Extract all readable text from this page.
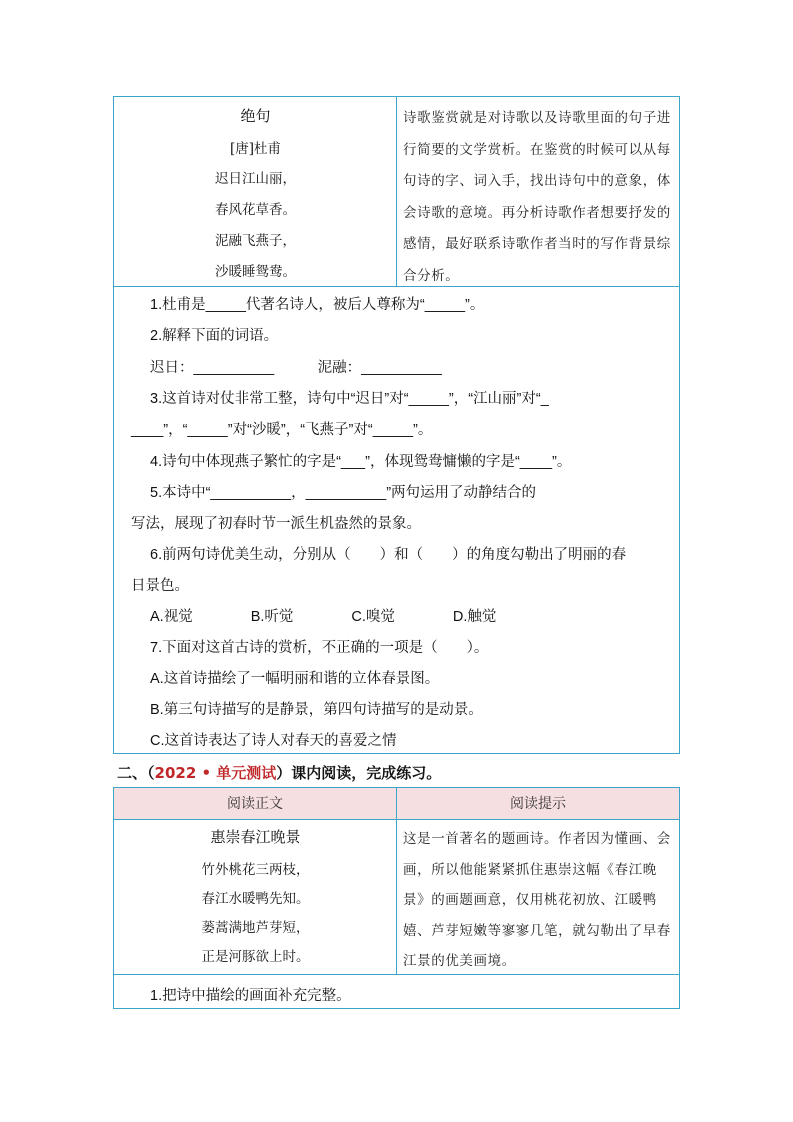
绝句
[唐]杜甫
迟日江山丽，
春风花草香。
泥融飞燕子，
沙暖睡鸳鸯。
诗歌鉴赏就是对诗歌以及诗歌里面的句子进行简要的文学赏析。在鉴赏的时候可以从每句诗的字、词入手，找出诗句中的意象，体会诗歌的意境。再分析诗歌作者想要抒发的感情，最好联系诗歌作者当时的写作背景综合分析。
1.杜甫是_____代著名诗人，被后人尊称为“_____”。
2.解释下面的词语。
迟日：__________　　　泥融：__________
3.这首诗对仗非常工整，诗句中“迟日”对“_____”，“江山丽”对“_
____”，“_____”对“沙暖”，“飞燕子”对“_____”。
4.诗句中体现燕子繁忙的字是“___”，体现鸳鸯慵懒的字是“____”。
5.本诗中“__________，__________”两句运用了动静结合的
写法，展现了初春时节一派生机盎然的景象。
6.前两句诗优美生动，分别从（　　）和（　　）的角度勾勒出了明丽的春
日景色。
A.视觉　　　　B.听觉　　　　C.嗅觉　　　　D.触觉
7.下面对这首古诗的赏析，不正确的一项是（　　）。
A.这首诗描绘了一幅明丽和谐的立体春景图。
B.第三句诗描写的是静景，第四句诗描写的是动景。
C.这首诗表达了诗人对春天的喜爱之情
二、（2022 • 单元测试）课内阅读，完成练习。
阅读正文	阅读提示
惠崇春江晚景
竹外桃花三两枝，
春江水暖鸭先知。
蒌蒿满地芦芽短，
正是河豚欲上时。
这是一首著名的题画诗。作者因为懂画、会画，所以他能紧紧抓住惠崇这幅《春江晚景》的画题画意，仅用桃花初放、江暖鸭嬉、芦芽短嫩等寥寥几笔，就勾勒出了早春江景的优美画境。
1.把诗中描绘的画面补充完整。
